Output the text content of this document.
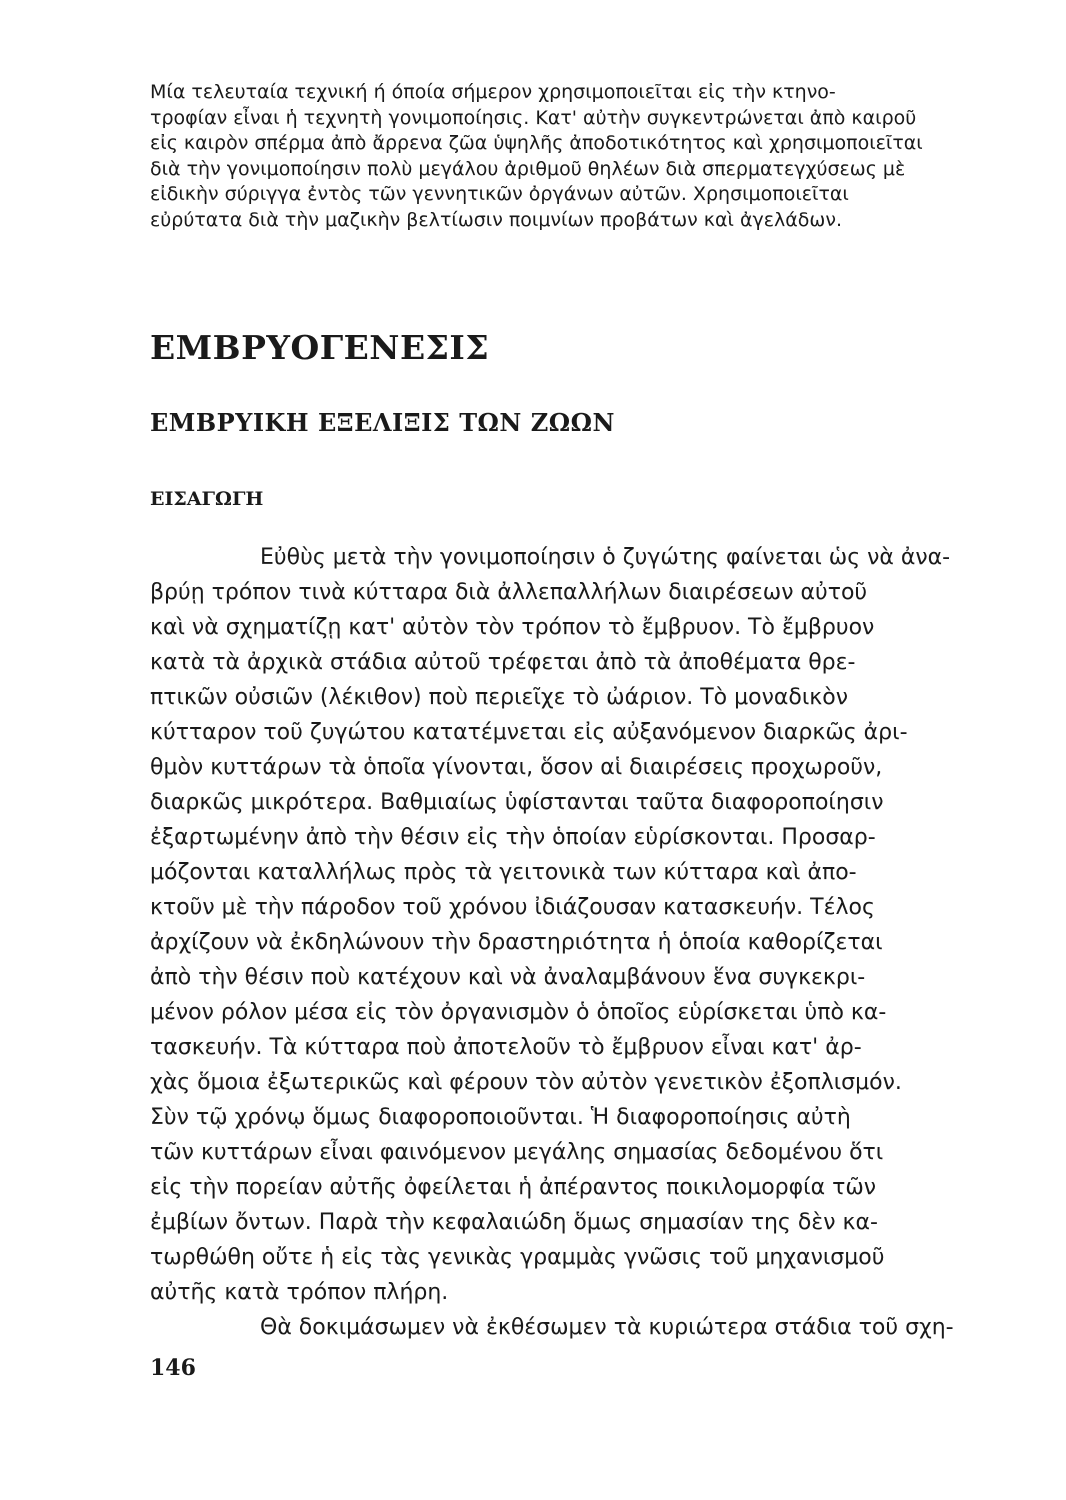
Μία τελευταία τεχνική ή όποία σήμερον χρησιμοποιεῖται εἰς τὴν κτηνο-
τροφίαν εἶναι ἡ τεχνητὴ γονιμοποίησις. Κατ' αὐτὴν συγκεντρώνεται ἀπὸ καιροῦ
εἰς καιρὸν σπέρμα ἀπὸ ἄρρενα ζῶα ὑψηλῆς ἀποδοτικότητος καὶ χρησιμοποιεῖται
διὰ τὴν γονιμοποίησιν πολὺ μεγάλου ἀριθμοῦ θηλέων διὰ σπερματεγχύσεως μὲ
εἰδικὴν σύριγγα ἐντὸς τῶν γεννητικῶν ὀργάνων αὐτῶν. Χρησιμοποιεῖται
εὐρύτατα διὰ τὴν μαζικὴν βελτίωσιν ποιμνίων προβάτων καὶ ἀγελάδων.
ΕΜΒΡΥΟΓΕΝΕΣΙΣ
ΕΜΒΡΥΙΚΗ ΕΞΕΛΙΞΙΣ ΤΩΝ ΖΩΩΝ
ΕΙΣΑΓΩΓΗ
Εὐθὺς μετὰ τὴν γονιμοποίησιν ὁ ζυγώτης φαίνεται ὡς νὰ ἀνα-
βρύῃ τρόπον τινὰ κύτταρα διὰ ἀλλεπαλλήλων διαιρέσεων αὐτοῦ
καὶ νὰ σχηματίζῃ κατ' αὐτὸν τὸν τρόπον τὸ ἔμβρυον. Τὸ ἔμβρυον
κατὰ τὰ ἀρχικὰ στάδια αὐτοῦ τρέφεται ἀπὸ τὰ ἀποθέματα θρε-
πτικῶν οὐσιῶν (λέκιθον) ποὺ περιεῖχε τὸ ὠάριον. Τὸ μοναδικὸν
κύτταρον τοῦ ζυγώτου κατατέμνεται εἰς αὐξανόμενον διαρκῶς ἀρι-
θμὸν κυττάρων τὰ ὁποῖα γίνονται, ὅσον αἱ διαιρέσεις προχωροῦν,
διαρκῶς μικρότερα. Βαθμιαίως ὑφίστανται ταῦτα διαφοροποίησιν
ἐξαρτωμένην ἀπὸ τὴν θέσιν εἰς τὴν ὁποίαν εὑρίσκονται. Προσαρ-
μόζονται καταλλήλως πρὸς τὰ γειτονικὰ των κύτταρα καὶ ἀπο-
κτοῦν μὲ τὴν πάροδον τοῦ χρόνου ἰδιάζουσαν κατασκευήν. Τέλος
ἀρχίζουν νὰ ἐκδηλώνουν τὴν δραστηριότητα ἡ ὁποία καθορίζεται
ἀπὸ τὴν θέσιν ποὺ κατέχουν καὶ νὰ ἀναλαμβάνουν ἕνα συγκεκρι-
μένον ρόλον μέσα εἰς τὸν ὀργανισμὸν ὁ ὁποῖος εὑρίσκεται ὑπὸ κα-
τασκευήν. Τὰ κύτταρα ποὺ ἀποτελοῦν τὸ ἔμβρυον εἶναι κατ' ἀρ-
χὰς ὅμοια ἐξωτερικῶς καὶ φέρουν τὸν αὐτὸν γενετικὸν ἐξοπλισμόν.
Σὺν τῷ χρόνῳ ὅμως διαφοροποιοῦνται. Ἡ διαφοροποίησις αὐτὴ
τῶν κυττάρων εἶναι φαινόμενον μεγάλης σημασίας δεδομένου ὅτι
εἰς τὴν πορείαν αὐτῆς ὀφείλεται ἡ ἀπέραντος ποικιλομορφία τῶν
ἐμβίων ὄντων. Παρὰ τὴν κεφαλαιώδη ὅμως σημασίαν της δὲν κα-
τωρθώθη οὔτε ἡ εἰς τὰς γενικὰς γραμμὰς γνῶσις τοῦ μηχανισμοῦ
αὐτῆς κατὰ τρόπον πλήρη.
Θὰ δοκιμάσωμεν νὰ ἐκθέσωμεν τὰ κυριώτερα στάδια τοῦ σχη-
146
